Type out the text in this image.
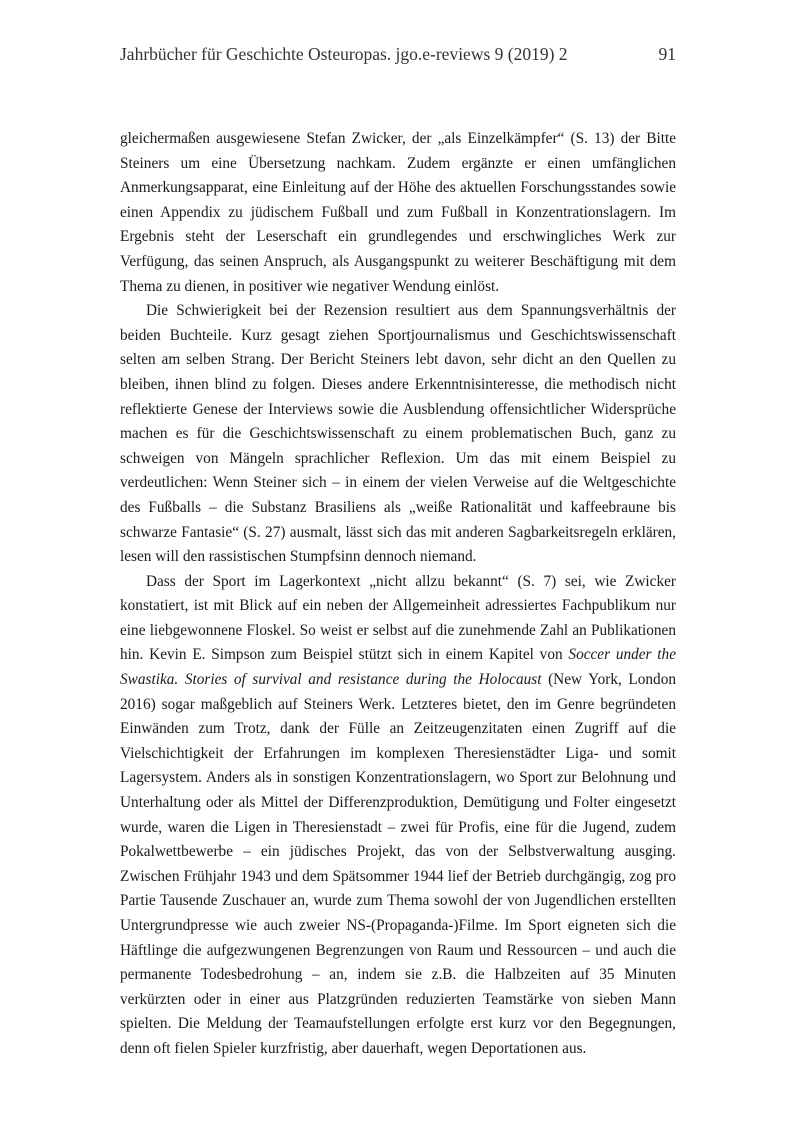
Jahrbücher für Geschichte Osteuropas. jgo.e-reviews 9 (2019) 2	91

gleichermaßen ausgewiesene Stefan Zwicker, der „als Einzelkämpfer“ (S. 13) der Bitte Steiners um eine Übersetzung nachkam. Zudem ergänzte er einen umfänglichen Anmerkungsapparat, eine Einleitung auf der Höhe des aktuellen Forschungsstandes sowie einen Appendix zu jüdischem Fußball und zum Fußball in Konzentrationslagern. Im Ergebnis steht der Leserschaft ein grundlegendes und erschwingliches Werk zur Verfügung, das seinen Anspruch, als Ausgangspunkt zu weiterer Beschäftigung mit dem Thema zu dienen, in positiver wie negativer Wendung einlöst.

Die Schwierigkeit bei der Rezension resultiert aus dem Spannungsverhältnis der beiden Buchteile. Kurz gesagt ziehen Sportjournalismus und Geschichtswissenschaft selten am selben Strang. Der Bericht Steiners lebt davon, sehr dicht an den Quellen zu bleiben, ihnen blind zu folgen. Dieses andere Erkenntnisinteresse, die methodisch nicht reflektierte Genese der Interviews sowie die Ausblendung offensichtlicher Widersprüche machen es für die Geschichtswissenschaft zu einem problematischen Buch, ganz zu schweigen von Mängeln sprachlicher Reflexion. Um das mit einem Beispiel zu verdeutlichen: Wenn Steiner sich – in einem der vielen Verweise auf die Weltgeschichte des Fußballs – die Substanz Brasiliens als „weiße Rationalität und kaffeebraune bis schwarze Fantasie“ (S. 27) ausmalt, lässt sich das mit anderen Sagbarkeitsregeln erklären, lesen will den rassistischen Stumpfsinn dennoch niemand.

Dass der Sport im Lagerkontext „nicht allzu bekannt“ (S. 7) sei, wie Zwicker konstatiert, ist mit Blick auf ein neben der Allgemeinheit adressiertes Fachpublikum nur eine liebgewonnene Floskel. So weist er selbst auf die zunehmende Zahl an Publikationen hin. Kevin E. Simpson zum Beispiel stützt sich in einem Kapitel von Soccer under the Swastika. Stories of survival and resistance during the Holocaust (New York, London 2016) sogar maßgeblich auf Steiners Werk. Letzteres bietet, den im Genre begründeten Einwänden zum Trotz, dank der Fülle an Zeitzeugenzitaten einen Zugriff auf die Vielschichtigkeit der Erfahrungen im komplexen Theresienstädter Liga- und somit Lagersystem. Anders als in sonstigen Konzentrationslagern, wo Sport zur Belohnung und Unterhaltung oder als Mittel der Differenzproduktion, Demütigung und Folter eingesetzt wurde, waren die Ligen in Theresienstadt – zwei für Profis, eine für die Jugend, zudem Pokalwettbewerbe – ein jüdisches Projekt, das von der Selbstverwaltung ausging. Zwischen Frühjahr 1943 und dem Spätsommer 1944 lief der Betrieb durchgängig, zog pro Partie Tausende Zuschauer an, wurde zum Thema sowohl der von Jugendlichen erstellten Untergrundpresse wie auch zweier NS-(Propaganda-)Filme. Im Sport eigneten sich die Häftlinge die aufgezwungenen Begrenzungen von Raum und Ressourcen – und auch die permanente Todesbedrohung – an, indem sie z.B. die Halbzeiten auf 35 Minuten verkürzten oder in einer aus Platzgründen reduzierten Teamstärke von sieben Mann spielten. Die Meldung der Teamaufstellungen erfolgte erst kurz vor den Begegnungen, denn oft fielen Spieler kurzfristig, aber dauerhaft, wegen Deportationen aus.
